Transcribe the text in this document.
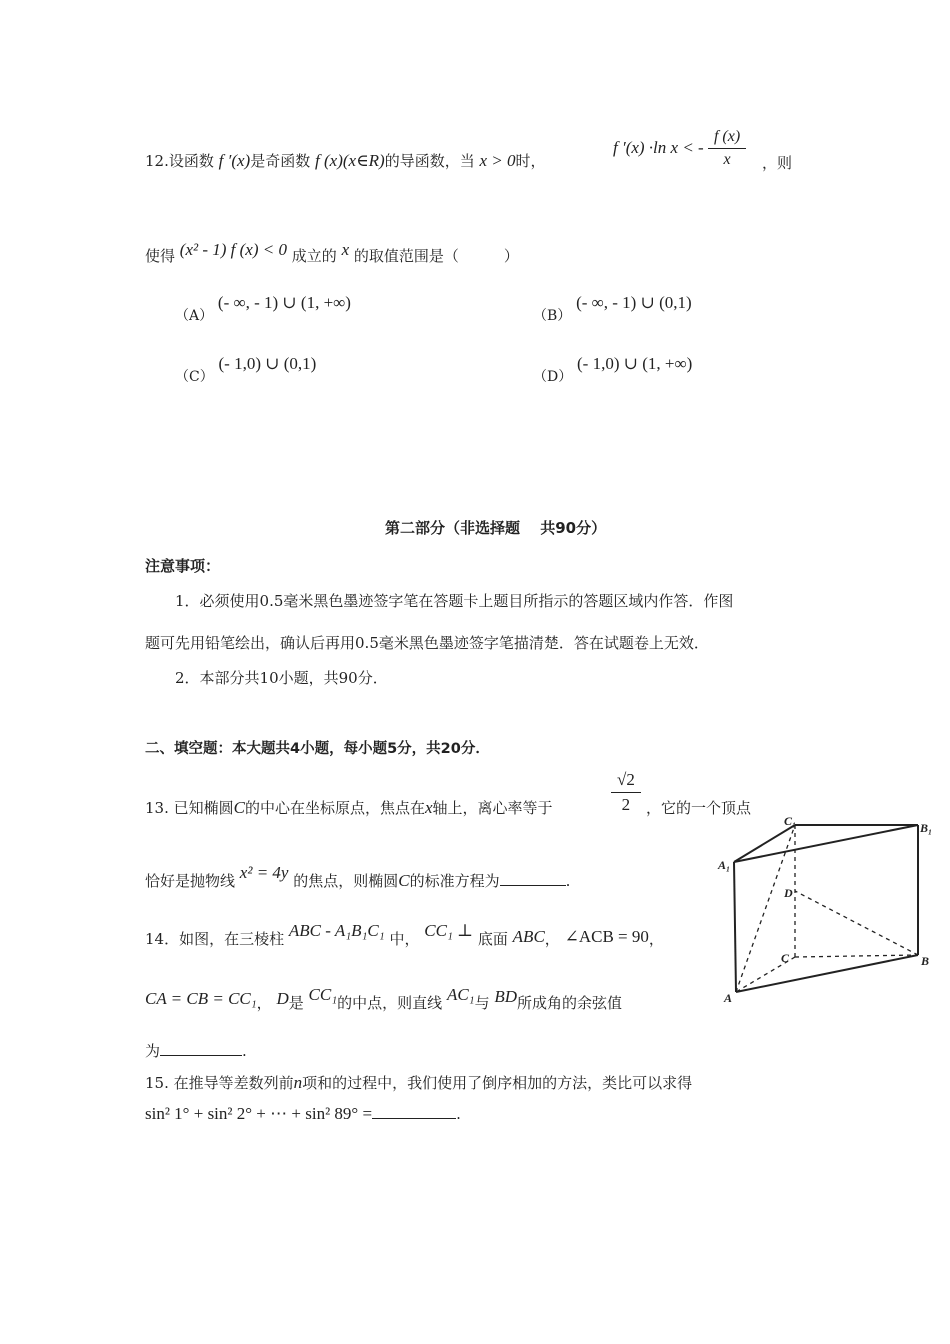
12.设函数 f ′(x)是奇函数 f (x)(x∈R)的导函数，当 x > 0时，
f ′(x) ·ln x < - $\frac{f (x)}{x}$ ，则
使得 (x² - 1) f (x) < 0 成立的 x 的取值范围是（　　　）
（A） (- ∞, - 1) ∪ (1, +∞)
（B） (- ∞, - 1) ∪ (0,1)
（C） (- 1,0) ∪ (0,1)
（D） (- 1,0) ∪ (1, +∞)
第二部分（非选择题　 共90分）
注意事项：
1．必须使用0.5毫米黑色墨迹签字笔在答题卡上题目所指示的答题区域内作答．作图
题可先用铅笔绘出，确认后再用0.5毫米黑色墨迹签字笔描清楚．答在试题卷上无效．
2．本部分共10小题，共90分．
二、填空题：本大题共4小题，每小题5分，共20分．
13. 已知椭圆C的中心在坐标原点，焦点在x轴上，离心率等于	$\frac{√2}{2}$ ，它的一个顶点
恰好是抛物线 x² = 4y 的焦点，则椭圆C的标准方程为	.
14．如图，在三棱柱 ABC - A₁B₁C₁ 中， CC₁ ⊥ 底面 ABC， ∠ACB = 90，
CA = CB = CC₁， D是 CC₁的中点，则直线 AC₁与 BD所成角的余弦值
为	.
15. 在推导等差数列前n项和的过程中，我们使用了倒序相加的方法，类比可以求得
sin² 1° + sin² 2° + ⋯ + sin² 89° =	.
C₁	B₁
A₁
D
C	B
A
